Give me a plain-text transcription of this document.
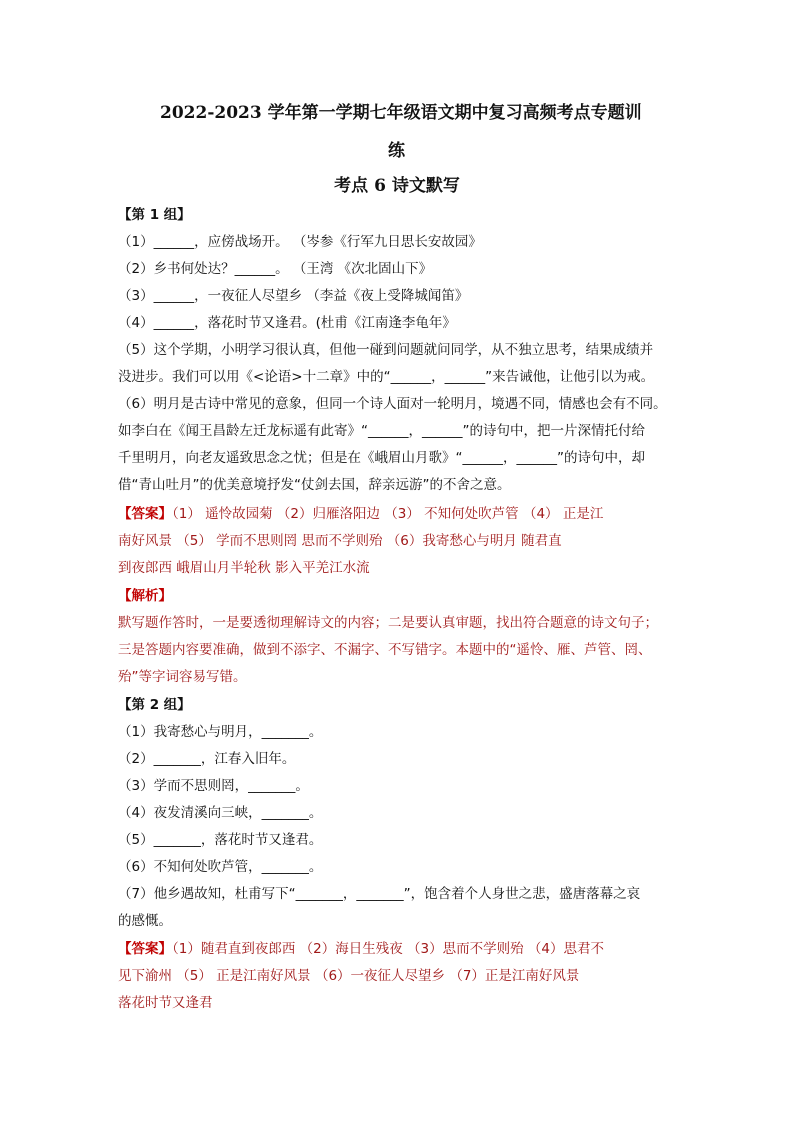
2022-2023 学年第一学期七年级语文期中复习高频考点专题训
练
考点 6 诗文默写
【第 1 组】
（1）______，应傍战场开。 （岑参《行军九日思长安故园》
（2）乡书何处达？______。 （王湾 《次北固山下》
（3）______，一夜征人尽望乡 （李益《夜上受降城闻笛》
（4）______，落花时节又逢君。(杜甫《江南逢李龟年》
（5）这个学期，小明学习很认真，但他一碰到问题就问同学，从不独立思考，结果成绩并
没进步。我们可以用《<论语>十二章》中的“______，______”来告诫他，让他引以为戒。
（6）明月是古诗中常见的意象，但同一个诗人面对一轮明月，境遇不同，情感也会有不同。
如李白在《闻王昌龄左迁龙标遥有此寄》“______，______”的诗句中，把一片深情托付给
千里明月，向老友遥致思念之忧；但是在《峨眉山月歌》“______，______”的诗句中，却
借“青山吐月”的优美意境抒发“仗剑去国，辞亲远游”的不舍之意。
【答案】（1） 遥怜故园菊 （2）归雁洛阳边 （3） 不知何处吹芦管 （4） 正是江
南好风景 （5） 学而不思则罔 思而不学则殆 （6）我寄愁心与明月 随君直
到夜郎西 峨眉山月半轮秋 影入平羌江水流
【解析】
默写题作答时，一是要透彻理解诗文的内容；二是要认真审题，找出符合题意的诗文句子；
三是答题内容要准确，做到不添字、不漏字、不写错字。本题中的“遥怜、雁、芦管、罔、
殆”等字词容易写错。
【第 2 组】
（1）我寄愁心与明月，_______。
（2）_______，江春入旧年。
（3）学而不思则罔，_______。
（4）夜发清溪向三峡，_______。
（5）_______，落花时节又逢君。
（6）不知何处吹芦管，_______。
（7）他乡遇故知，杜甫写下“_______，_______”，饱含着个人身世之悲，盛唐落幕之哀
的感慨。
【答案】（1）随君直到夜郎西 （2）海日生残夜 （3）思而不学则殆 （4）思君不
见下渝州 （5） 正是江南好风景 （6）一夜征人尽望乡 （7）正是江南好风景
落花时节又逢君
